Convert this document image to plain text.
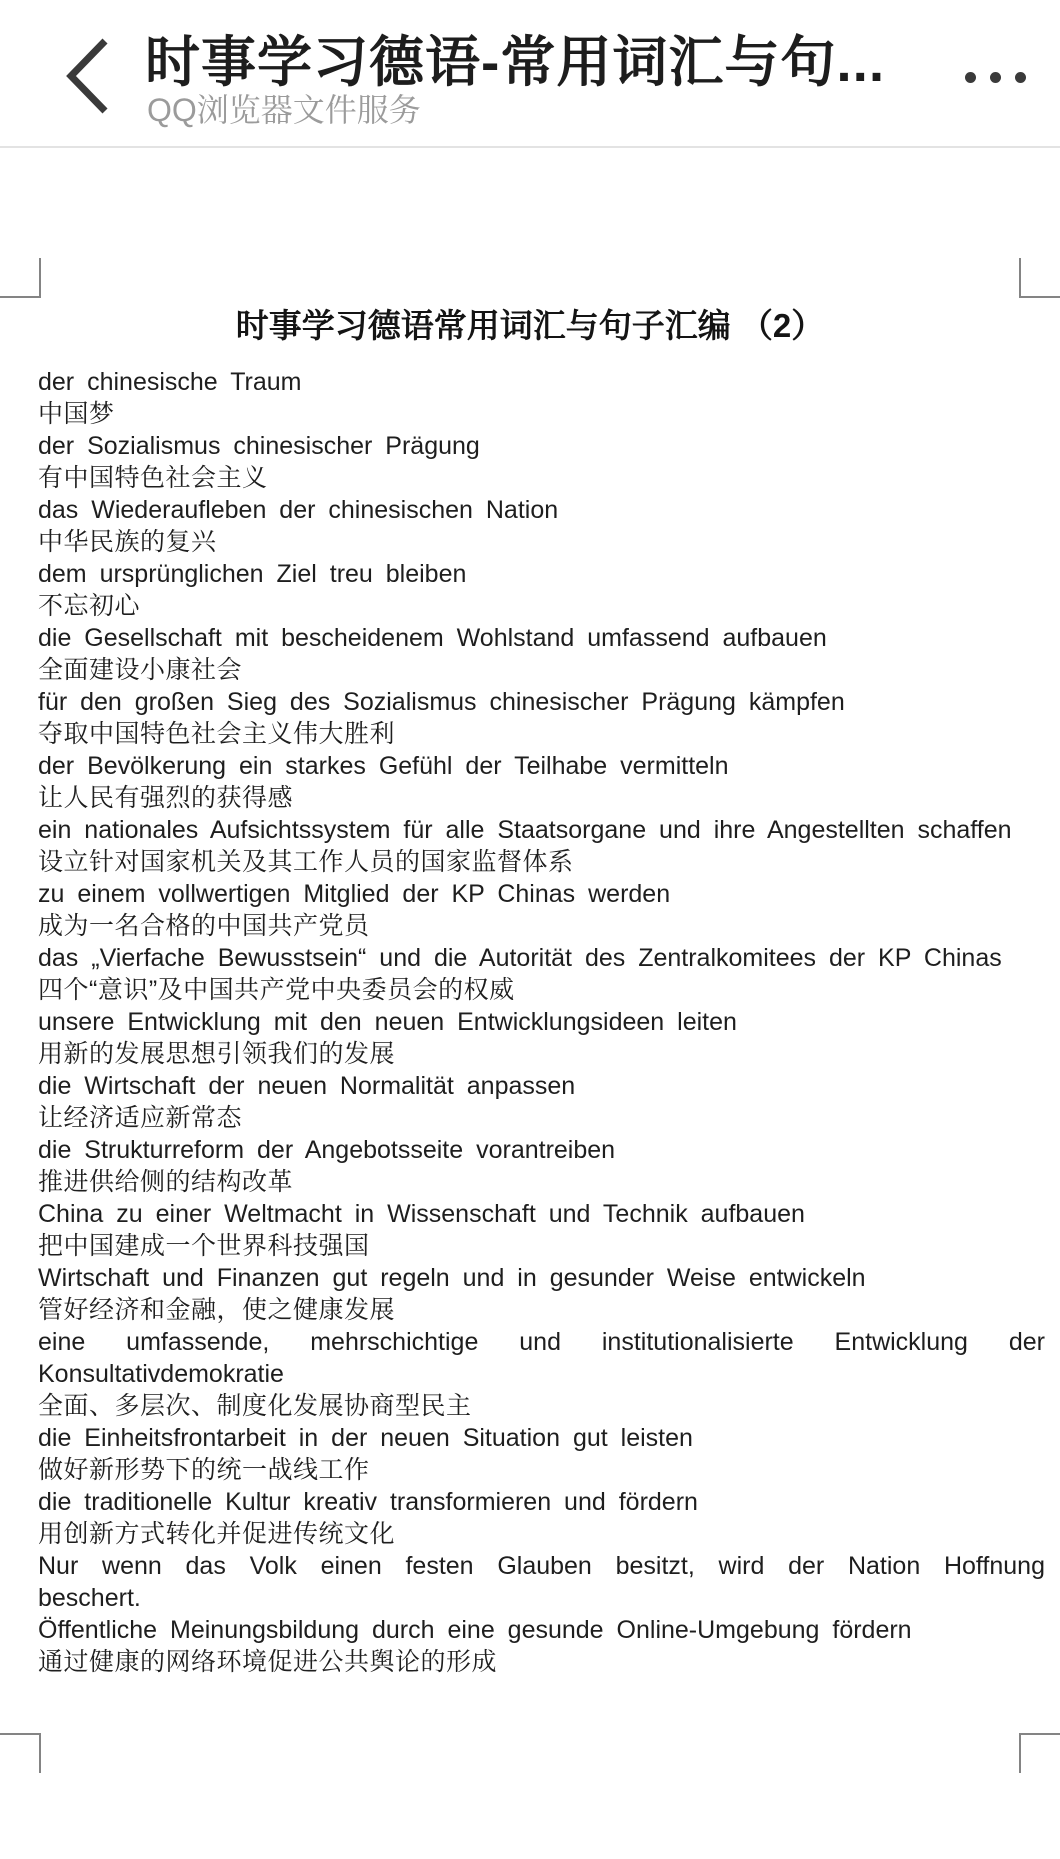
时事学习德语-常用词汇与句...
QQ浏览器文件服务
时事学习德语常用词汇与句子汇编 （2）

der chinesische Traum

中国梦

der Sozialismus chinesischer Prägung

有中国特色社会主义

das Wiederaufleben der chinesischen Nation

中华民族的复兴

dem ursprünglichen Ziel treu bleiben

不忘初心

die Gesellschaft mit bescheidenem Wohlstand umfassend aufbauen

全面建设小康社会

für den großen Sieg des Sozialismus chinesischer Prägung kämpfen

夺取中国特色社会主义伟大胜利

der Bevölkerung ein starkes Gefühl der Teilhabe vermitteln

让人民有强烈的获得感

ein nationales Aufsichtssystem für alle Staatsorgane und ihre Angestellten schaffen

设立针对国家机关及其工作人员的国家监督体系

zu einem vollwertigen Mitglied der KP Chinas werden

成为一名合格的中国共产党员

das „Vierfache Bewusstsein“ und die Autorität des Zentralkomitees der KP Chinas

四个“意识”及中国共产党中央委员会的权威

unsere Entwicklung mit den neuen Entwicklungsideen leiten

用新的发展思想引领我们的发展

die Wirtschaft der neuen Normalität anpassen

让经济适应新常态

die Strukturreform der Angebotsseite vorantreiben

推进供给侧的结构改革

China zu einer Weltmacht in Wissenschaft und Technik aufbauen

把中国建成一个世界科技强国

Wirtschaft und Finanzen gut regeln und in gesunder Weise entwickeln

管好经济和金融，使之健康发展

eine umfassende, mehrschichtige und institutionalisierte Entwicklung der

Konsultativdemokratie

全面、多层次、制度化发展协商型民主

die Einheitsfrontarbeit in der neuen Situation gut leisten

做好新形势下的统一战线工作

die traditionelle Kultur kreativ transformieren und fördern

用创新方式转化并促进传统文化

Nur wenn das Volk einen festen Glauben besitzt, wird der Nation Hoffnung

beschert.

Öffentliche Meinungsbildung durch eine gesunde Online-Umgebung fördern

通过健康的网络环境促进公共舆论的形成
